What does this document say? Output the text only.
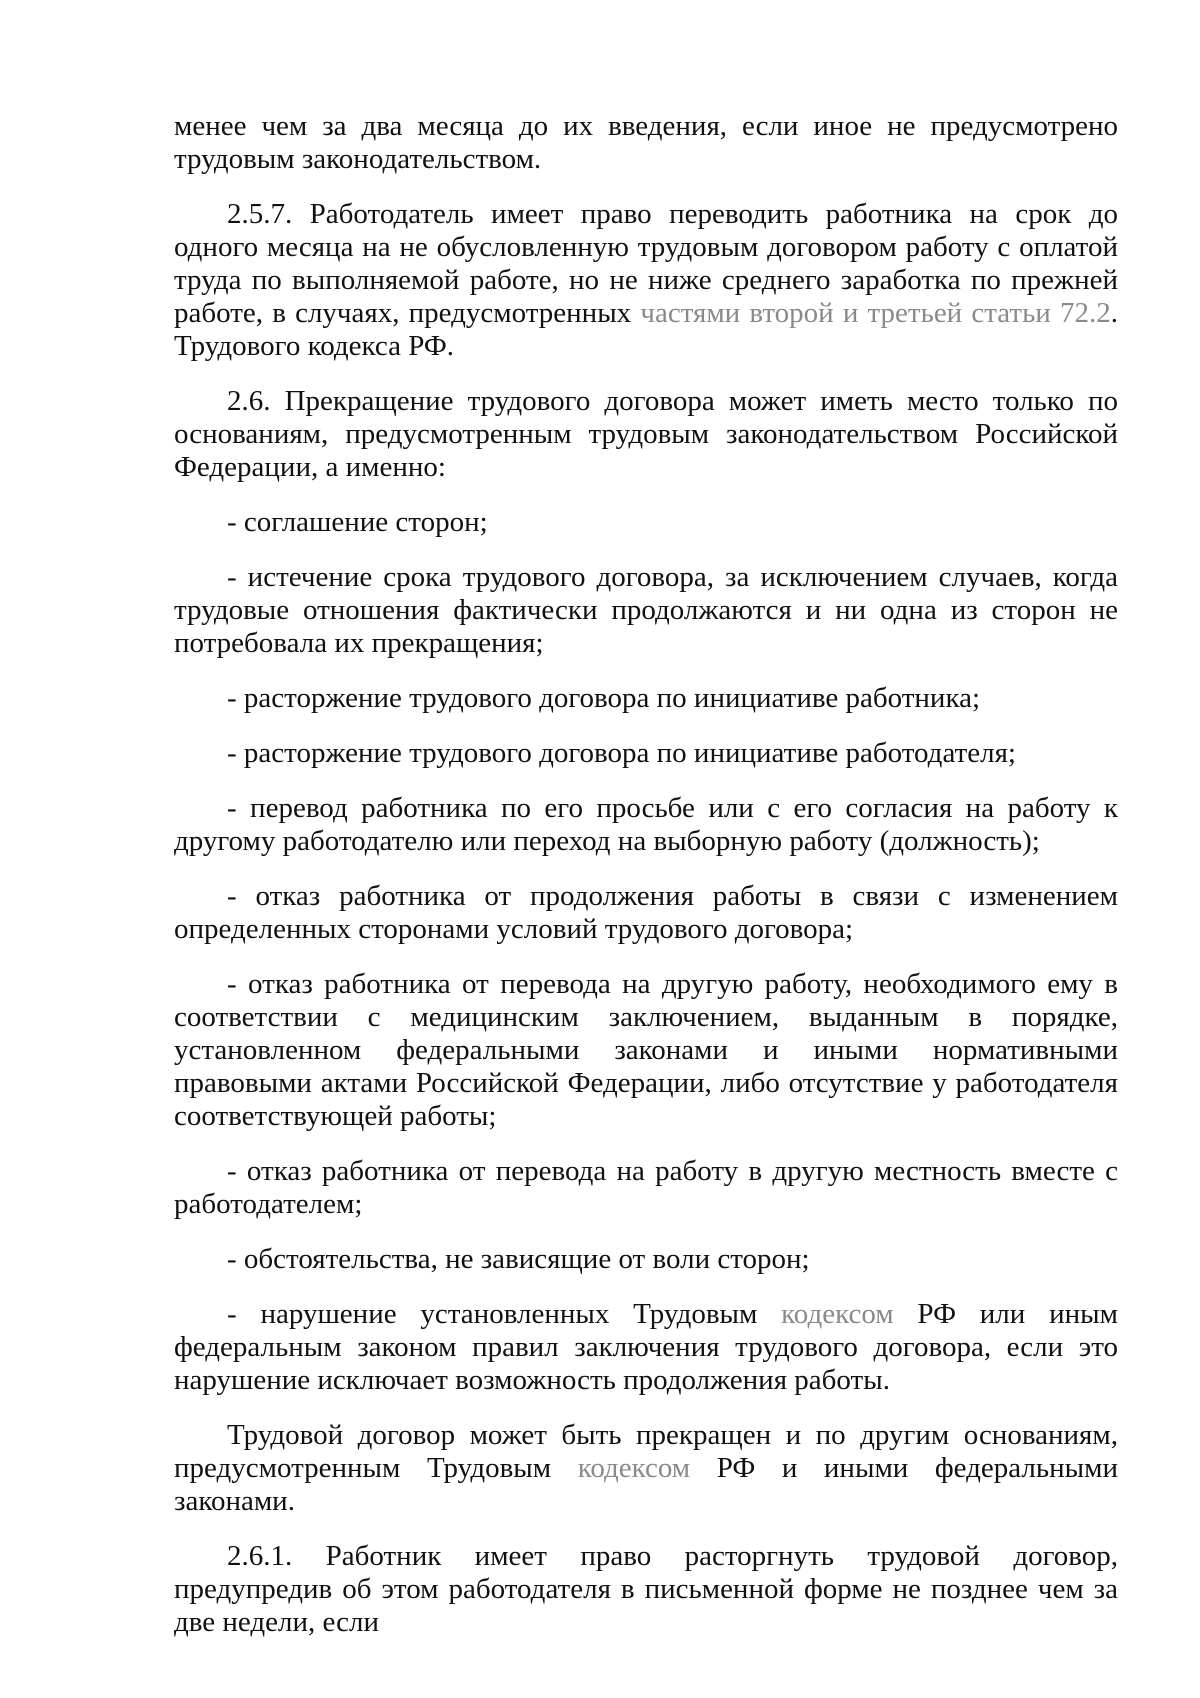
менее чем за два месяца до их введения, если иное не предусмотрено трудовым законодательством.

2.5.7. Работодатель имеет право переводить работника на срок до одного месяца на не обусловленную трудовым договором работу с оплатой труда по выполняемой работе, но не ниже среднего заработка по прежней работе, в случаях, предусмотренных частями второй и третьей статьи 72.2. Трудового кодекса РФ.

2.6. Прекращение трудового договора может иметь место только по основаниям, предусмотренным трудовым законодательством Российской Федерации, а именно:

- соглашение сторон;

- истечение срока трудового договора, за исключением случаев, когда трудовые отношения фактически продолжаются и ни одна из сторон не потребовала их прекращения;

- расторжение трудового договора по инициативе работника;

- расторжение трудового договора по инициативе работодателя;

- перевод работника по его просьбе или с его согласия на работу к другому работодателю или переход на выборную работу (должность);

- отказ работника от продолжения работы в связи с изменением определенных сторонами условий трудового договора;

- отказ работника от перевода на другую работу, необходимого ему в соответствии с медицинским заключением, выданным в порядке, установленном федеральными законами и иными нормативными правовыми актами Российской Федерации, либо отсутствие у работодателя соответствующей работы;

- отказ работника от перевода на работу в другую местность вместе с работодателем;

- обстоятельства, не зависящие от воли сторон;

- нарушение установленных Трудовым кодексом РФ или иным федеральным законом правил заключения трудового договора, если это нарушение исключает возможность продолжения работы.

Трудовой договор может быть прекращен и по другим основаниям, предусмотренным Трудовым кодексом РФ и иными федеральными законами.

2.6.1. Работник имеет право расторгнуть трудовой договор, предупредив об этом работодателя в письменной форме не позднее чем за две недели, если
